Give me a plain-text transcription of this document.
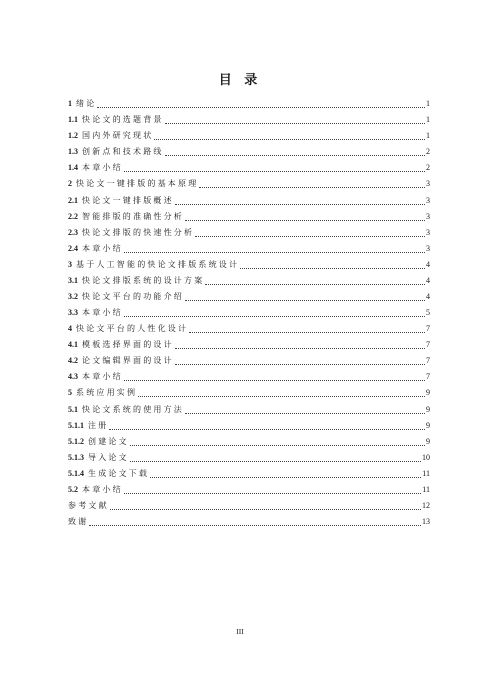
目 录
1 绪论	1
1.1 快论文的选题背景	1
1.2 国内外研究现状	1
1.3 创新点和技术路线	2
1.4 本章小结	2
2 快论文一键排版的基本原理	3
2.1 快论文一键排版概述	3
2.2 智能排版的准确性分析	3
2.3 快论文排版的快速性分析	3
2.4 本章小结	3
3 基于人工智能的快论文排版系统设计	4
3.1 快论文排版系统的设计方案	4
3.2 快论文平台的功能介绍	4
3.3 本章小结	5
4 快论文平台的人性化设计	7
4.1 模板选择界面的设计	7
4.2 论文编辑界面的设计	7
4.3 本章小结	7
5 系统应用实例	9
5.1 快论文系统的使用方法	9
5.1.1 注册	9
5.1.2 创建论文	9
5.1.3 导入论文	10
5.1.4 生成论文下载	11
5.2 本章小结	11
参考文献	12
致谢	13
III
